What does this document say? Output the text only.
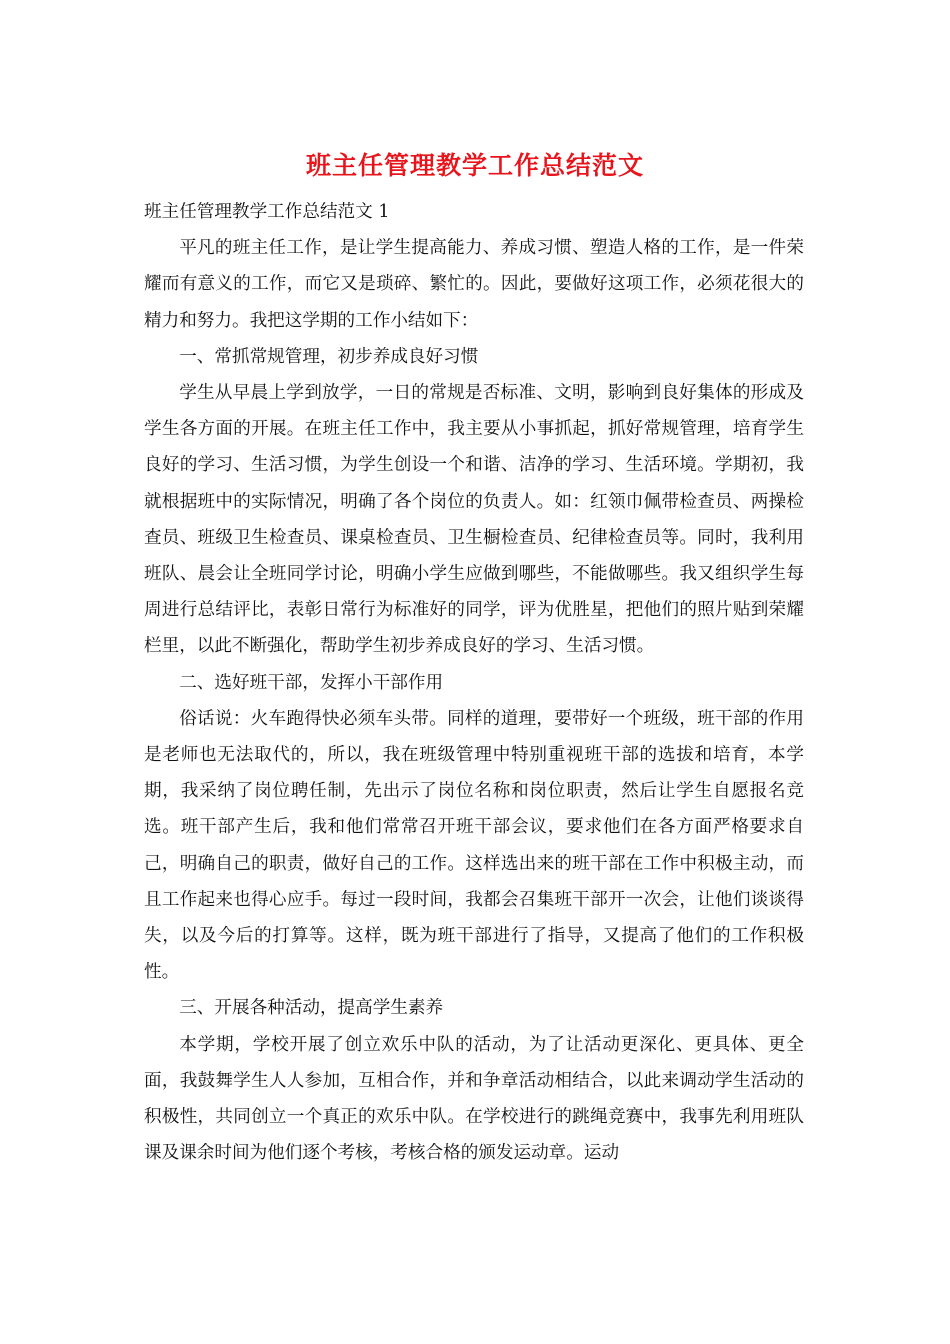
班主任管理教学工作总结范文

班主任管理教学工作总结范文 1

平凡的班主任工作，是让学生提高能力、养成习惯、塑造人格的工作，是一件荣耀而有意义的工作，而它又是琐碎、繁忙的。因此，要做好这项工作，必须花很大的精力和努力。我把这学期的工作小结如下：

一、常抓常规管理，初步养成良好习惯

学生从早晨上学到放学，一日的常规是否标准、文明，影响到良好集体的形成及学生各方面的开展。在班主任工作中，我主要从小事抓起，抓好常规管理，培育学生良好的学习、生活习惯，为学生创设一个和谐、洁净的学习、生活环境。学期初，我就根据班中的实际情况，明确了各个岗位的负责人。如：红领巾佩带检查员、两操检查员、班级卫生检查员、课桌检查员、卫生橱检查员、纪律检查员等。同时，我利用班队、晨会让全班同学讨论，明确小学生应做到哪些，不能做哪些。我又组织学生每周进行总结评比，表彰日常行为标准好的同学，评为优胜星，把他们的照片贴到荣耀栏里，以此不断强化，帮助学生初步养成良好的学习、生活习惯。

二、选好班干部，发挥小干部作用

俗话说：火车跑得快必须车头带。同样的道理，要带好一个班级，班干部的作用是老师也无法取代的，所以，我在班级管理中特别重视班干部的选拔和培育，本学期，我采纳了岗位聘任制，先出示了岗位名称和岗位职责，然后让学生自愿报名竞选。班干部产生后，我和他们常常召开班干部会议，要求他们在各方面严格要求自己，明确自己的职责，做好自己的工作。这样选出来的班干部在工作中积极主动，而且工作起来也得心应手。每过一段时间，我都会召集班干部开一次会，让他们谈谈得失，以及今后的打算等。这样，既为班干部进行了指导，又提高了他们的工作积极性。

三、开展各种活动，提高学生素养

本学期，学校开展了创立欢乐中队的活动，为了让活动更深化、更具体、更全面，我鼓舞学生人人参加，互相合作，并和争章活动相结合，以此来调动学生活动的积极性，共同创立一个真正的欢乐中队。在学校进行的跳绳竞赛中，我事先利用班队课及课余时间为他们逐个考核，考核合格的颁发运动章。运动
